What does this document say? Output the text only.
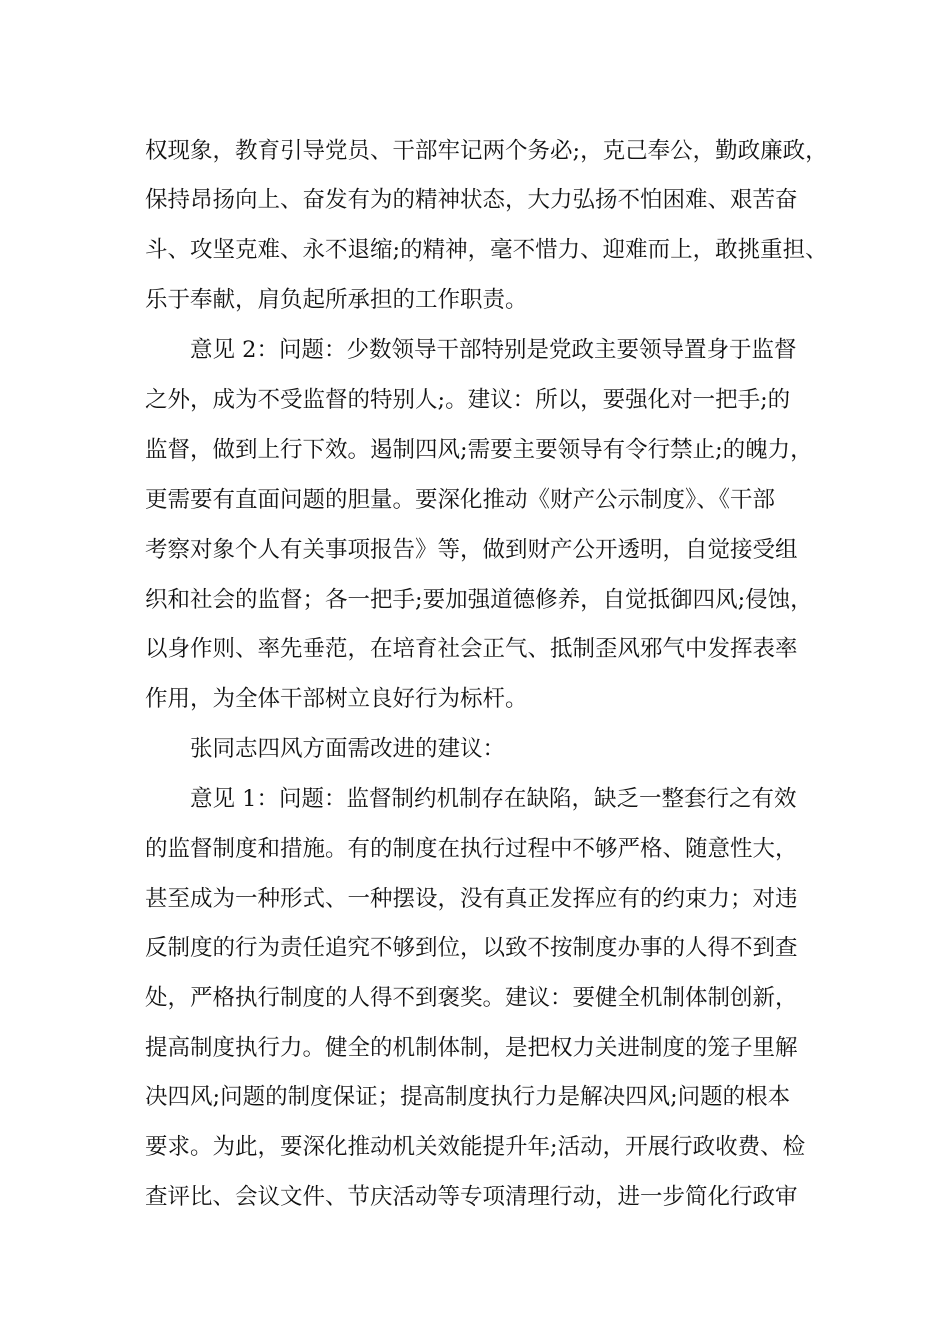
权现象，教育引导党员、干部牢记两个务必;，克己奉公，勤政廉政，
保持昂扬向上、奋发有为的精神状态，大力弘扬不怕困难、艰苦奋
斗、攻坚克难、永不退缩;的精神，毫不惜力、迎难而上，敢挑重担、
乐于奉献，肩负起所承担的工作职责。
意见 2：问题：少数领导干部特别是党政主要领导置身于监督
之外，成为不受监督的特别人;。建议：所以，要强化对一把手;的
监督，做到上行下效。遏制四风;需要主要领导有令行禁止;的魄力，
更需要有直面问题的胆量。要深化推动《财产公示制度》、《干部
考察对象个人有关事项报告》等，做到财产公开透明，自觉接受组
织和社会的监督；各一把手;要加强道德修养，自觉抵御四风;侵蚀，
以身作则、率先垂范，在培育社会正气、抵制歪风邪气中发挥表率
作用，为全体干部树立良好行为标杆。
张同志四风方面需改进的建议：
意见 1：问题：监督制约机制存在缺陷，缺乏一整套行之有效
的监督制度和措施。有的制度在执行过程中不够严格、随意性大，
甚至成为一种形式、一种摆设，没有真正发挥应有的约束力；对违
反制度的行为责任追究不够到位，以致不按制度办事的人得不到查
处，严格执行制度的人得不到褒奖。建议：要健全机制体制创新，
提高制度执行力。健全的机制体制，是把权力关进制度的笼子里解
决四风;问题的制度保证；提高制度执行力是解决四风;问题的根本
要求。为此，要深化推动机关效能提升年;活动，开展行政收费、检
查评比、会议文件、节庆活动等专项清理行动，进一步简化行政审
